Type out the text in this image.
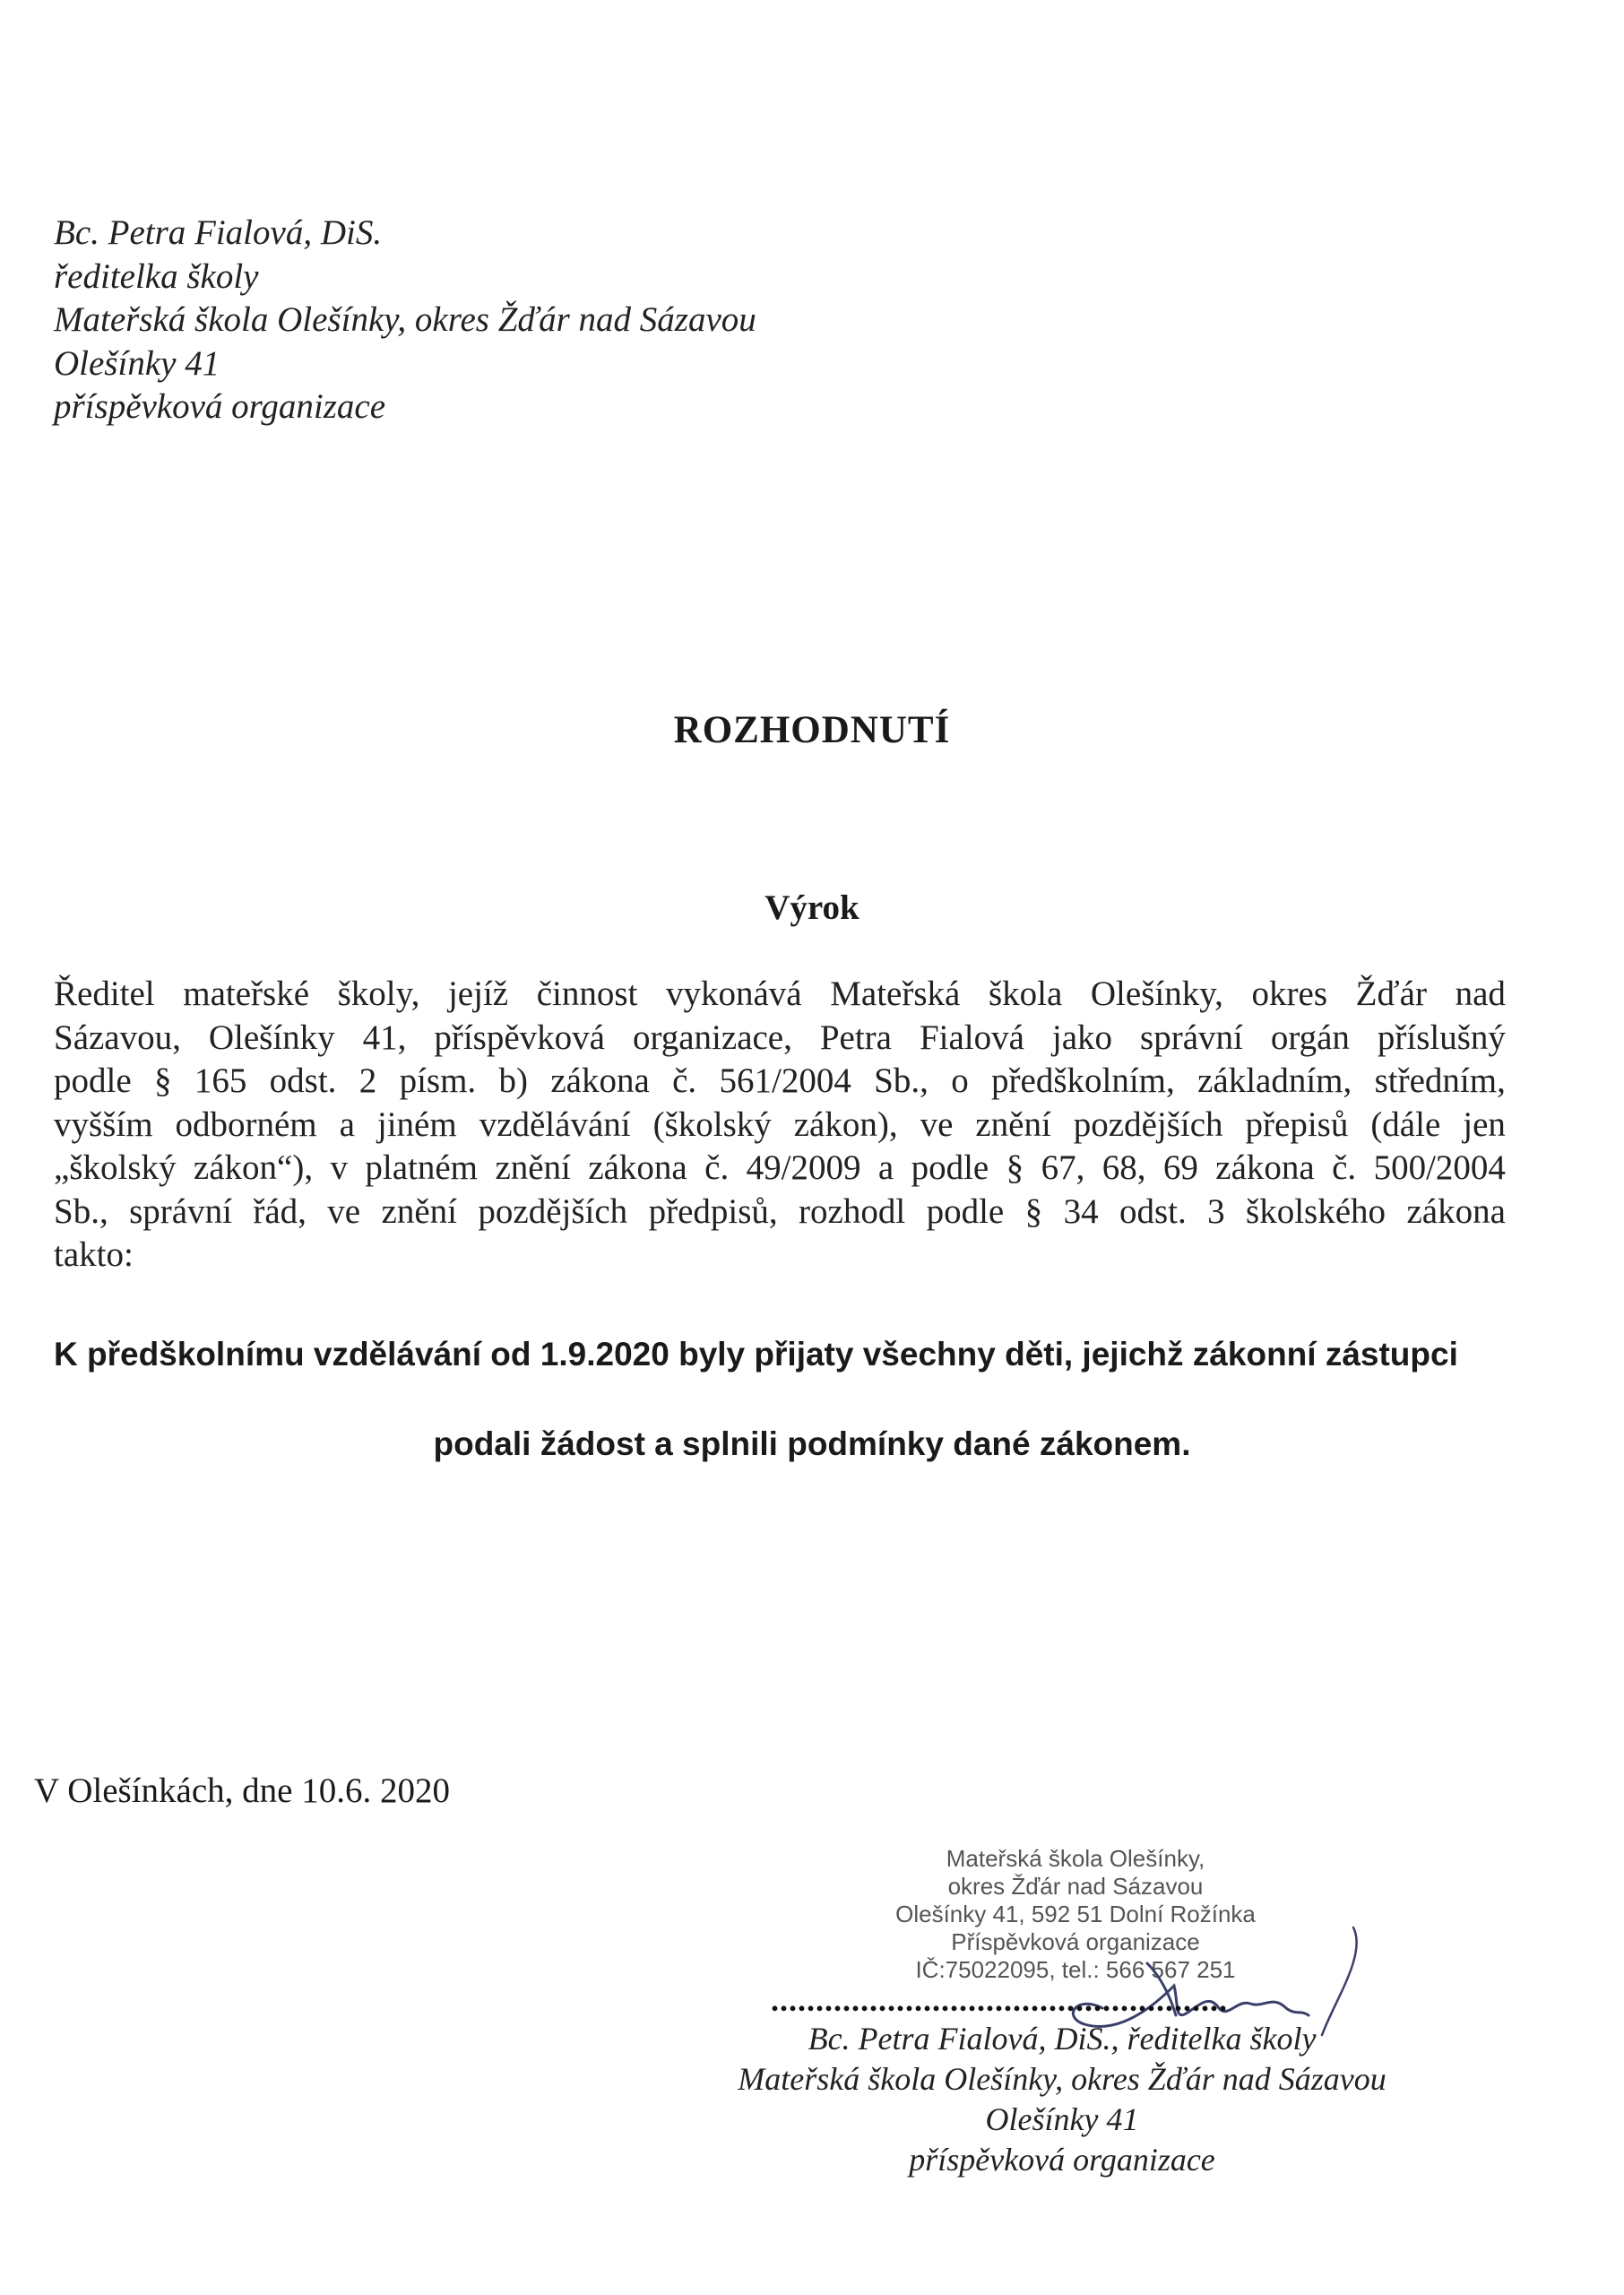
Bc. Petra Fialová, DiS.
ředitelka školy
Mateřská škola Olešínky, okres Žďár nad Sázavou
Olešínky 41
příspěvková organizace
ROZHODNUTÍ
Výrok
Ředitel mateřské školy, jejíž činnost vykonává Mateřská škola Olešínky, okres Žďár nad
Sázavou, Olešínky 41, příspěvková organizace, Petra Fialová jako správní orgán příslušný
podle § 165 odst. 2 písm. b) zákona č. 561/2004 Sb., o předškolním, základním, středním,
vyšším odborném a jiném vzdělávání (školský zákon), ve znění pozdějších přepisů (dále jen
„školský zákon“), v platném znění zákona č. 49/2009 a podle § 67, 68, 69 zákona č. 500/2004
Sb., správní řád, ve znění pozdějších předpisů, rozhodl podle § 34 odst. 3 školského zákona
takto:
K předškolnímu vzdělávání od 1.9.2020 byly přijaty všechny děti, jejichž zákonní zástupci
podali žádost a splnili podmínky dané zákonem.
V Olešínkách, dne 10.6. 2020
Mateřská škola Olešínky,
okres Žďár nad Sázavou
Olešínky 41, 592 51 Dolní Rožínka
Příspěvková organizace
IČ:75022095, tel.: 566 567 251
...................................................
Bc. Petra Fialová, DiS., ředitelka školy
Mateřská škola Olešínky, okres Žďár nad Sázavou
Olešínky 41
příspěvková organizace
